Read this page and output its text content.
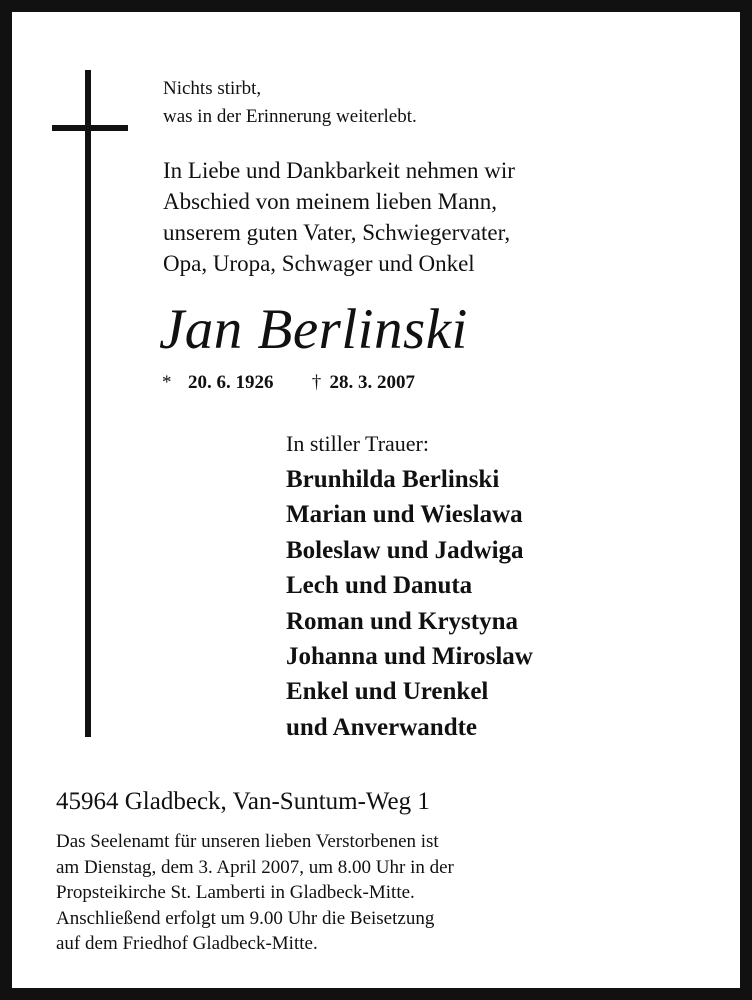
Nichts stirbt,
was in der Erinnerung weiterlebt.
In Liebe und Dankbarkeit nehmen wir
Abschied von meinem lieben Mann,
unserem guten Vater, Schwiegervater,
Opa, Uropa, Schwager und Onkel
Jan Berlinski
* 20. 6. 1926 † 28. 3. 2007
In stiller Trauer:
Brunhilda Berlinski
Marian und Wieslawa
Boleslaw und Jadwiga
Lech und Danuta
Roman und Krystyna
Johanna und Miroslaw
Enkel und Urenkel
und Anverwandte
45964 Gladbeck, Van-Suntum-Weg 1
Das Seelenamt für unseren lieben Verstorbenen ist
am Dienstag, dem 3. April 2007, um 8.00 Uhr in der
Propsteikirche St. Lamberti in Gladbeck-Mitte.
Anschließend erfolgt um 9.00 Uhr die Beisetzung
auf dem Friedhof Gladbeck-Mitte.
